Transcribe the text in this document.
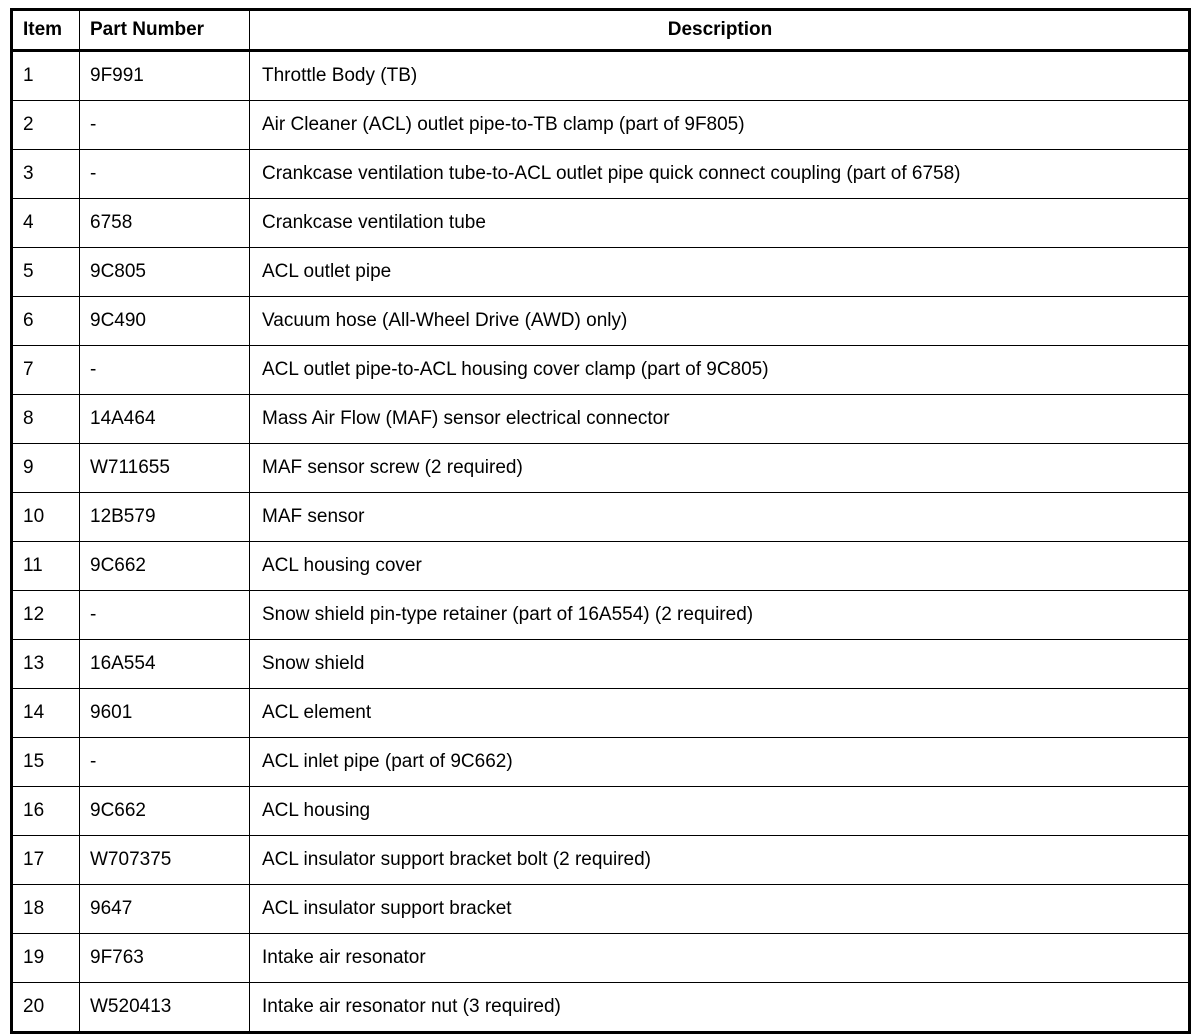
Item	Part Number	Description
1	9F991	Throttle Body (TB)
2	-	Air Cleaner (ACL) outlet pipe-to-TB clamp (part of 9F805)
3	-	Crankcase ventilation tube-to-ACL outlet pipe quick connect coupling (part of 6758)
4	6758	Crankcase ventilation tube
5	9C805	ACL outlet pipe
6	9C490	Vacuum hose (All-Wheel Drive (AWD) only)
7	-	ACL outlet pipe-to-ACL housing cover clamp (part of 9C805)
8	14A464	Mass Air Flow (MAF) sensor electrical connector
9	W711655	MAF sensor screw (2 required)
10	12B579	MAF sensor
11	9C662	ACL housing cover
12	-	Snow shield pin-type retainer (part of 16A554) (2 required)
13	16A554	Snow shield
14	9601	ACL element
15	-	ACL inlet pipe (part of 9C662)
16	9C662	ACL housing
17	W707375	ACL insulator support bracket bolt (2 required)
18	9647	ACL insulator support bracket
19	9F763	Intake air resonator
20	W520413	Intake air resonator nut (3 required)
